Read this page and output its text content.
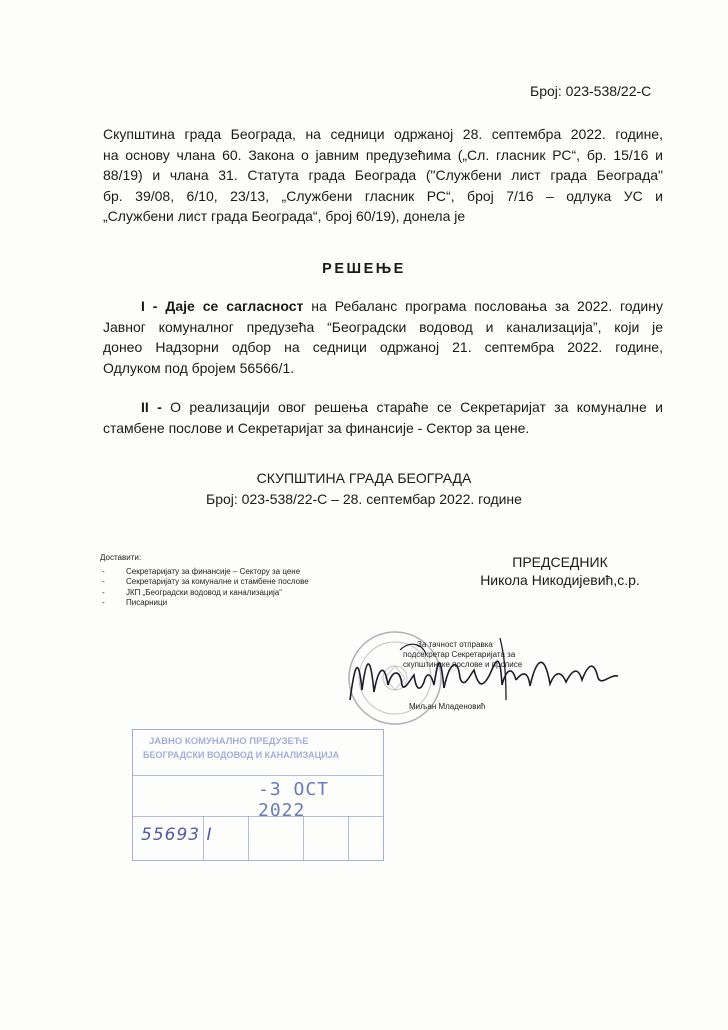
Број: 023-538/22-С
Скупштина града Београда, на седници одржаној 28. септембра 2022. године,
на основу члана 60. Закона о јавним предузећима („Сл. гласник РС“, бр. 15/16 и
88/19) и члана 31. Статута града Београда ("Службени лист града Београда"
бр. 39/08, 6/10, 23/13, „Службени гласник РС“, број 7/16 – одлука УС и
„Службени лист града Београда“, број 60/19), донела је
РЕШЕЊЕ
I - Даје се сагласност на Ребаланс програма пословања за 2022. годину
Јавног комуналног предузећа “Београдски водовод и канализација”, који је
донео Надзорни одбор на седници одржаној 21. септембра 2022. године,
Одлуком под бројем 56566/1.
II - О реализацији овог решења стараће се Секретаријат за комуналне и
стамбене послове и Секретаријат за финансије - Сектор за цене.
СКУПШТИНА ГРАДА БЕОГРАДА
Број: 023-538/22-С – 28. септембар 2022. године
Доставити:
- Секретаријату за финансије – Сектору за цене
- Секретаријату за комуналне и стамбене послове
- ЈКП „Београдски водовод и канализација“
- Писарници
ПРЕДСЕДНИК
Никола Никодијевић,с.р.
За тачност отправка
подсекретар Секретаријата за
скупштинске послове и прописе
Миљан Младеновић
ЈАВНО КОМУНАЛНО ПРЕДУЗЕЋЕ
БЕОГРАДСКИ ВОДОВОД И КАНАЛИЗАЦИЈА
-3 OCT 2022
55693 I
